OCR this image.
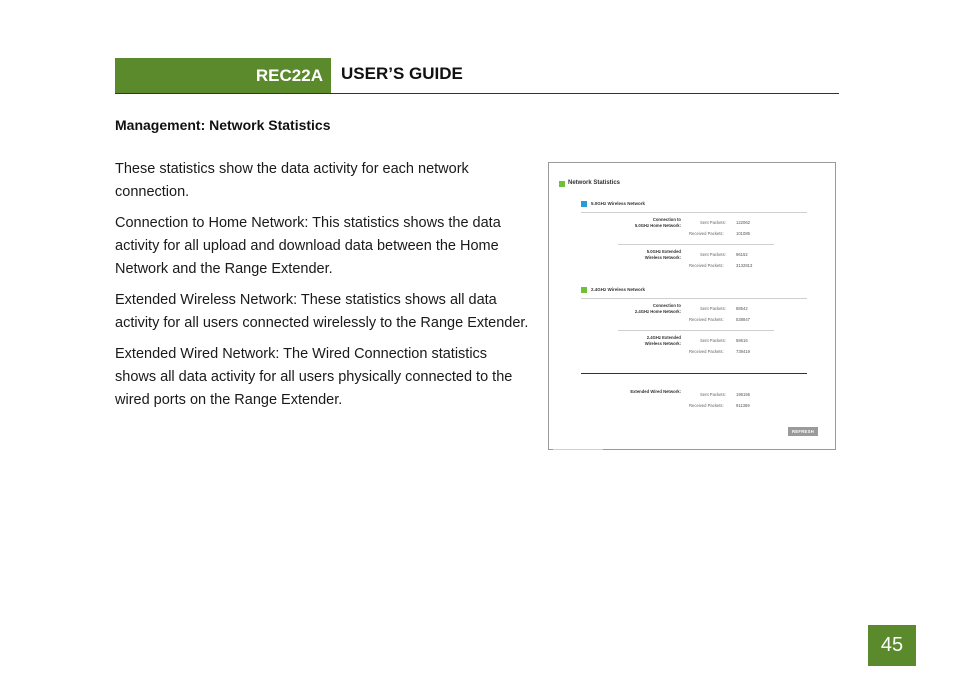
REC22A USER’S GUIDE
Management: Network Statistics

These statistics show the data activity for each network connection.

Connection to Home Network: This statistics shows the data activity for all upload and download data between the Home Network and the Range Extender.

Extended Wireless Network: These statistics shows all data activity for all users connected wirelessly to the Range Extender.

Extended Wired Network: The Wired Connection statistics shows all data activity for all users physically connected to the wired ports on the Range Extender.

Network Statistics
5.0GHz Wireless Network
Connection to
5.0GHz Home Network:	Sent Packets: 122062
Received Packets:	101085
5.0GHz Extended
Wireless Network:	Sent Packets: 96152
Received Packets:	3132813
2.4GHz Wireless Network
Connection to
2.4GHz Home Network:	Sent Packets: 88542
Received Packets:	538847
2.4GHz Extended
Wireless Network:	Sent Packets: 58616
Received Packets:	739419
Extended Wired Network:
Sent Packets: 196156
Received Packets:	911369
REFRESH
45
